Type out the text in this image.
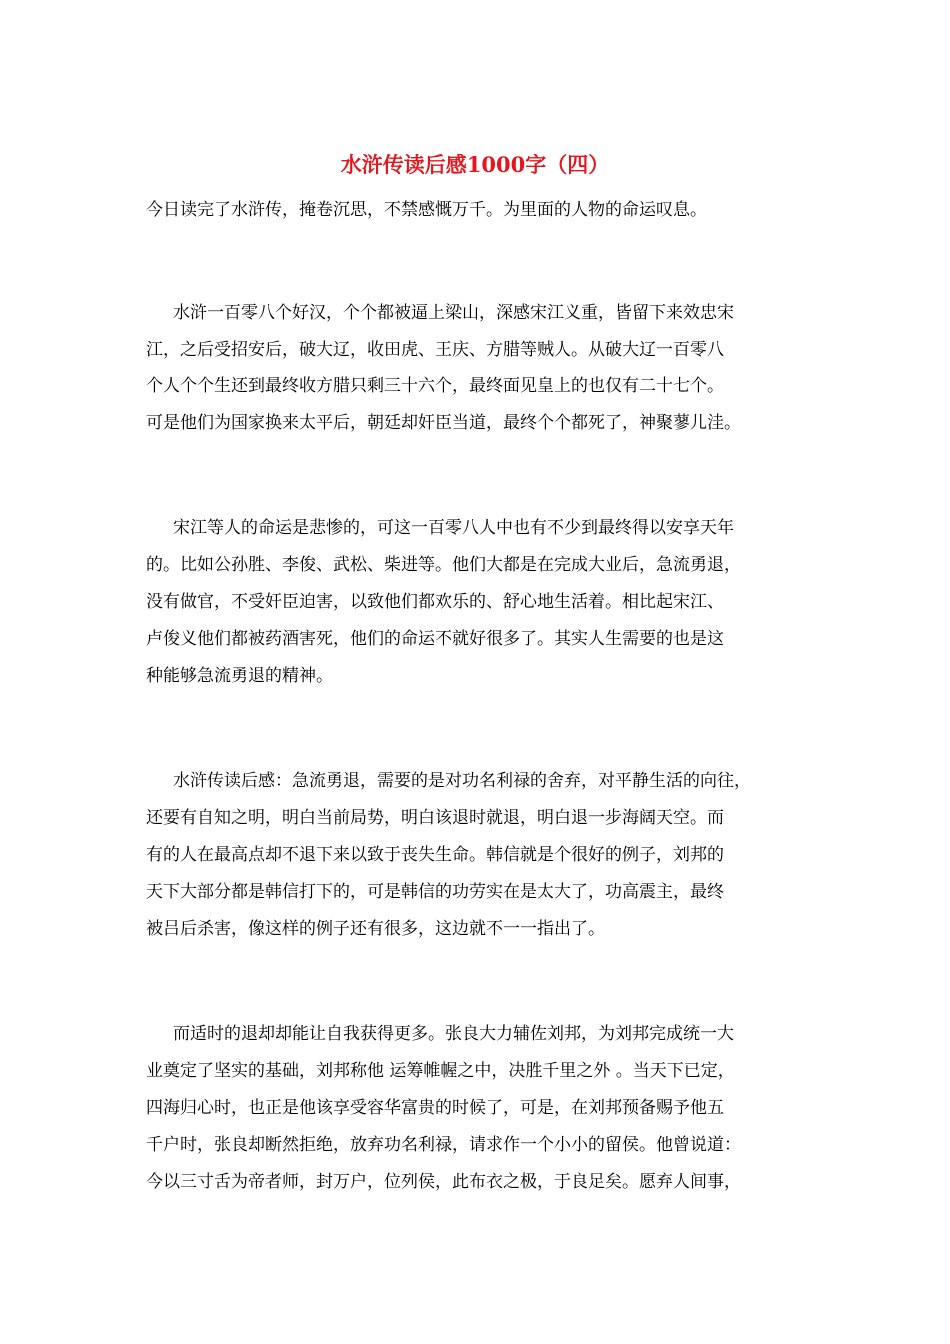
水浒传读后感1000字（四）
今日读完了水浒传，掩卷沉思，不禁感慨万千。为里面的人物的命运叹息。
水浒一百零八个好汉，个个都被逼上梁山，深感宋江义重，皆留下来效忠宋
江，之后受招安后，破大辽，收田虎、王庆、方腊等贼人。从破大辽一百零八
个人个个生还到最终收方腊只剩三十六个，最终面见皇上的也仅有二十七个。
可是他们为国家换来太平后，朝廷却奸臣当道，最终个个都死了，神聚蓼儿洼。
宋江等人的命运是悲惨的，可这一百零八人中也有不少到最终得以安享天年
的。比如公孙胜、李俊、武松、柴进等。他们大都是在完成大业后，急流勇退，
没有做官，不受奸臣迫害，以致他们都欢乐的、舒心地生活着。相比起宋江、
卢俊义他们都被药酒害死，他们的命运不就好很多了。其实人生需要的也是这
种能够急流勇退的精神。
水浒传读后感：急流勇退，需要的是对功名利禄的舍弃，对平静生活的向往，
还要有自知之明，明白当前局势，明白该退时就退，明白退一步海阔天空。而
有的人在最高点却不退下来以致于丧失生命。韩信就是个很好的例子，刘邦的
天下大部分都是韩信打下的，可是韩信的功劳实在是太大了，功高震主，最终
被吕后杀害，像这样的例子还有很多，这边就不一一指出了。
而适时的退却却能让自我获得更多。张良大力辅佐刘邦，为刘邦完成统一大
业奠定了坚实的基础，刘邦称他 运筹帷幄之中，决胜千里之外 。当天下已定，
四海归心时，也正是他该享受容华富贵的时候了，可是，在刘邦预备赐予他五
千户时，张良却断然拒绝，放弃功名利禄，请求作一个小小的留侯。他曾说道：
今以三寸舌为帝者师，封万户，位列侯，此布衣之极，于良足矣。愿弃人间事，
